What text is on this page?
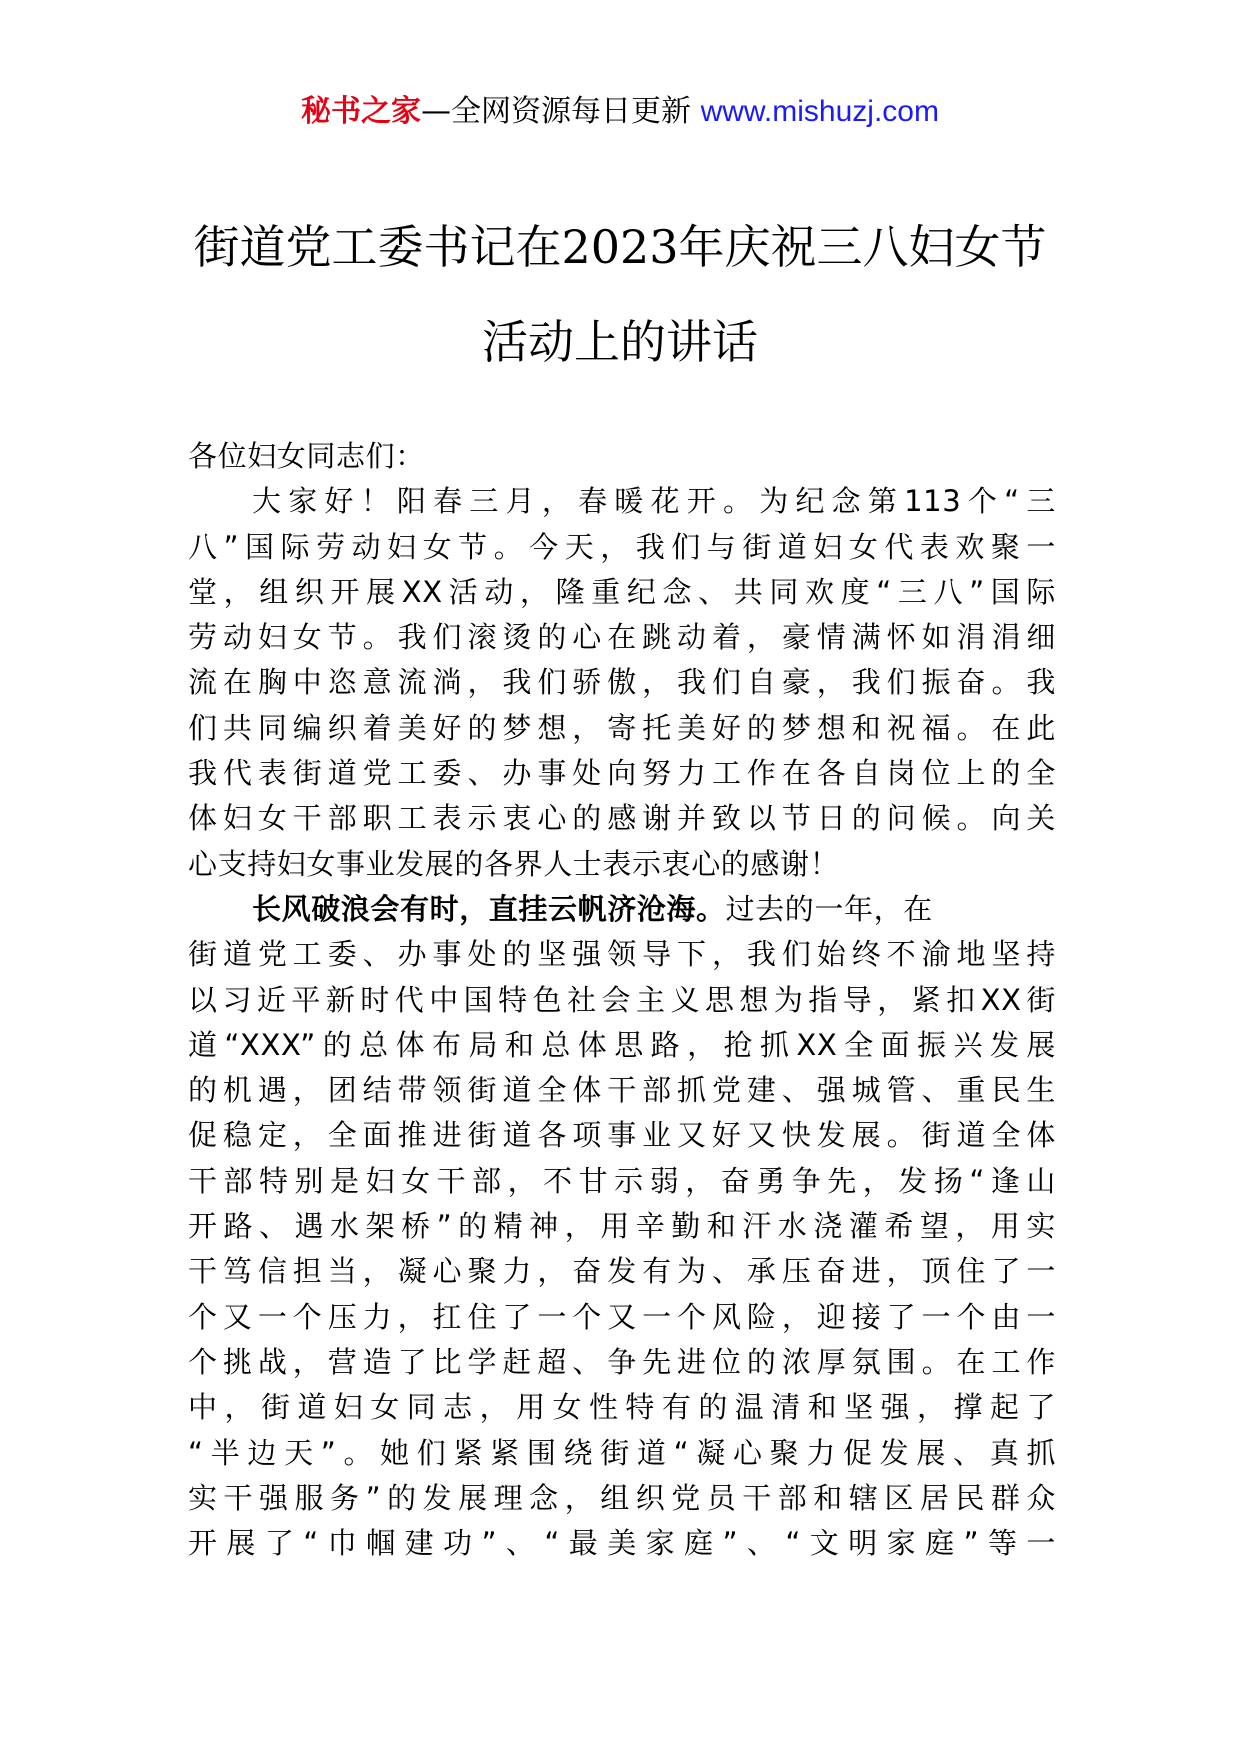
秘书之家—全网资源每日更新 www.mishuzj.com
街道党工委书记在2023年庆祝三八妇女节
活动上的讲话
各位妇女同志们：
大家好！阳春三月，春暖花开。为纪念第113个“三
八”国际劳动妇女节。今天，我们与街道妇女代表欢聚一
堂，组织开展XX活动，隆重纪念、共同欢度“三八”国际
劳动妇女节。我们滚烫的心在跳动着，豪情满怀如涓涓细
流在胸中恣意流淌，我们骄傲，我们自豪，我们振奋。我
们共同编织着美好的梦想，寄托美好的梦想和祝福。在此
我代表街道党工委、办事处向努力工作在各自岗位上的全
体妇女干部职工表示衷心的感谢并致以节日的问候。向关
心支持妇女事业发展的各界人士表示衷心的感谢！
长风破浪会有时，直挂云帆济沧海。过去的一年，在
街道党工委、办事处的坚强领导下，我们始终不渝地坚持
以习近平新时代中国特色社会主义思想为指导，紧扣XX街
道“XXX”的总体布局和总体思路，抢抓XX全面振兴发展
的机遇，团结带领街道全体干部抓党建、强城管、重民生
促稳定，全面推进街道各项事业又好又快发展。街道全体
干部特别是妇女干部，不甘示弱，奋勇争先，发扬“逢山
开路、遇水架桥”的精神，用辛勤和汗水浇灌希望，用实
干笃信担当，凝心聚力，奋发有为、承压奋进，顶住了一
个又一个压力，扛住了一个又一个风险，迎接了一个由一
个挑战，营造了比学赶超、争先进位的浓厚氛围。在工作
中，街道妇女同志，用女性特有的温清和坚强，撑起了
“半边天”。她们紧紧围绕街道“凝心聚力促发展、真抓
实干强服务”的发展理念，组织党员干部和辖区居民群众
开展了“巾帼建功”、“最美家庭”、“文明家庭”等一
